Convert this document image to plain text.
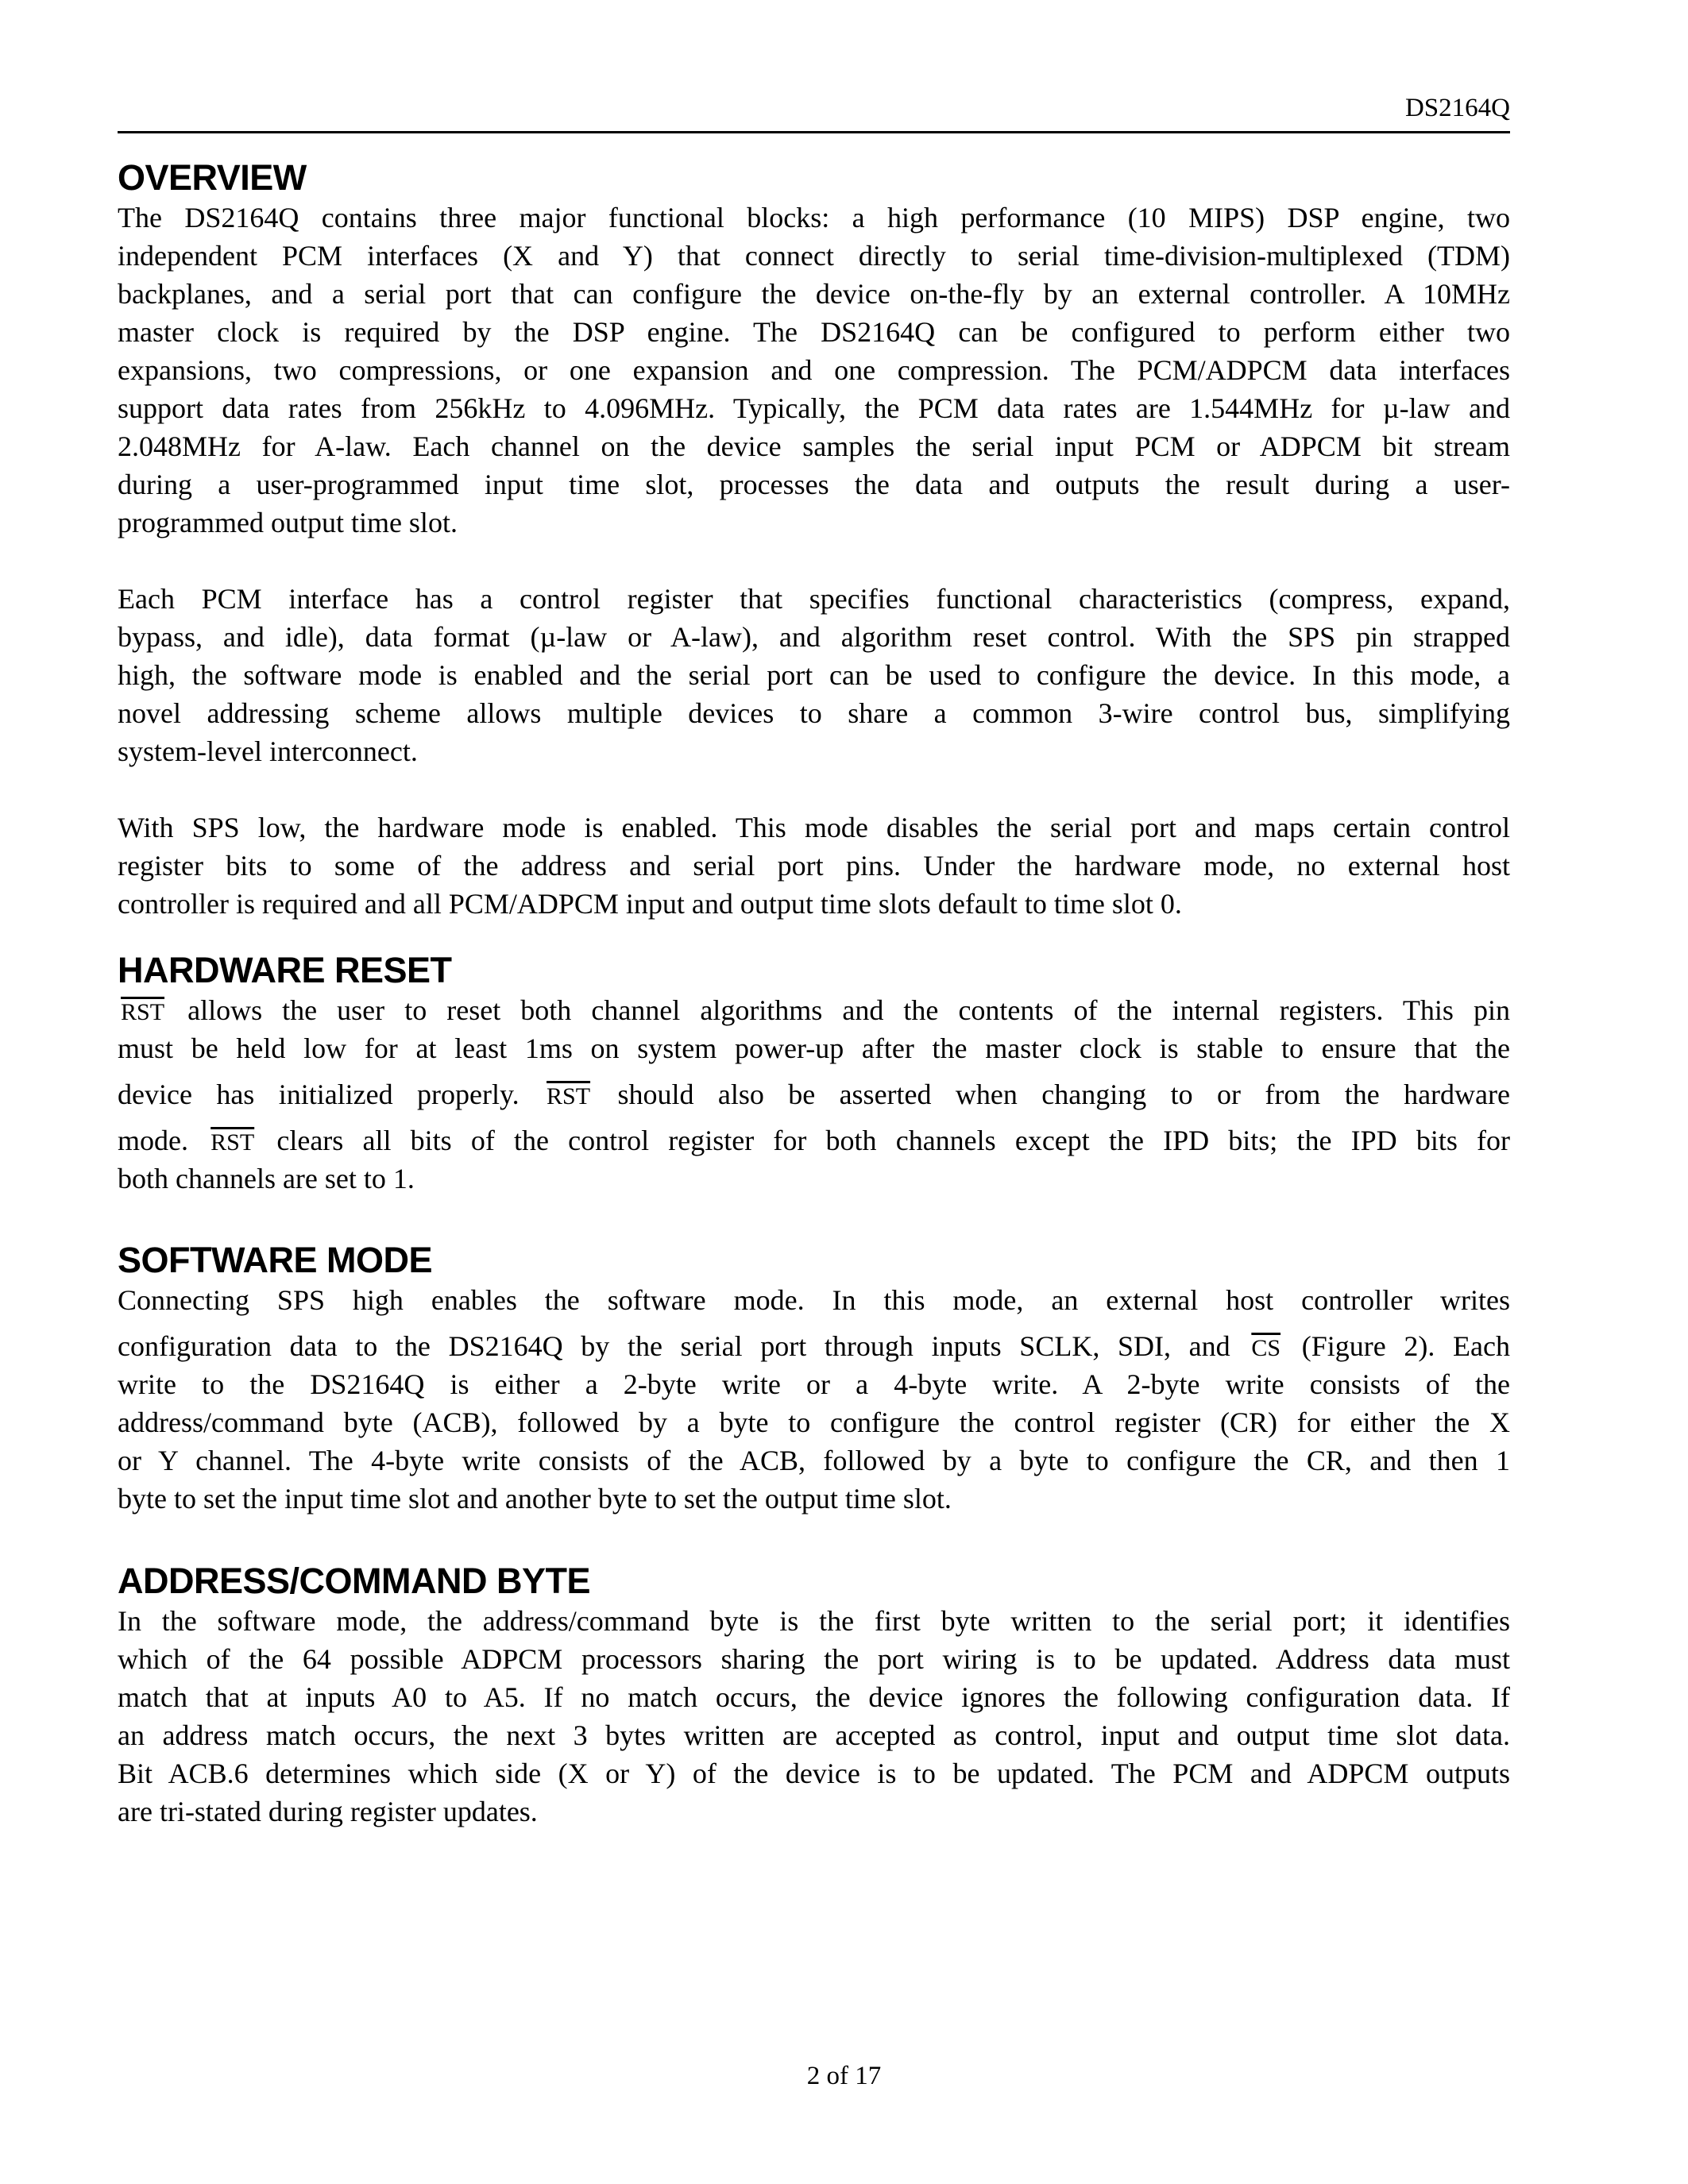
DS2164Q
OVERVIEW
The DS2164Q contains three major functional blocks: a high performance (10 MIPS) DSP engine, two
independent PCM interfaces (X and Y) that connect directly to serial time-division-multiplexed (TDM)
backplanes, and a serial port that can configure the device on-the-fly by an external controller. A 10MHz
master clock is required by the DSP engine. The DS2164Q can be configured to perform either two
expansions, two compressions, or one expansion and one compression. The PCM/ADPCM data interfaces
support data rates from 256kHz to 4.096MHz. Typically, the PCM data rates are 1.544MHz for µ-law and
2.048MHz for A-law. Each channel on the device samples the serial input PCM or ADPCM bit stream
during a user-programmed input time slot, processes the data and outputs the result during a user-
programmed output time slot.
Each PCM interface has a control register that specifies functional characteristics (compress, expand,
bypass, and idle), data format (µ-law or A-law), and algorithm reset control. With the SPS pin strapped
high, the software mode is enabled and the serial port can be used to configure the device. In this mode, a
novel addressing scheme allows multiple devices to share a common 3-wire control bus, simplifying
system-level interconnect.
With SPS low, the hardware mode is enabled. This mode disables the serial port and maps certain control
register bits to some of the address and serial port pins. Under the hardware mode, no external host
controller is required and all PCM/ADPCM input and output time slots default to time slot 0.
HARDWARE RESET
$\overline{RST}$ allows the user to reset both channel algorithms and the contents of the internal registers. This pin
must be held low for at least 1ms on system power-up after the master clock is stable to ensure that the
device has initialized properly. $\overline{RST}$ should also be asserted when changing to or from the hardware
mode. $\overline{RST}$ clears all bits of the control register for both channels except the IPD bits; the IPD bits for
both channels are set to 1.
SOFTWARE MODE
Connecting SPS high enables the software mode. In this mode, an external host controller writes
configuration data to the DS2164Q by the serial port through inputs SCLK, SDI, and $\overline{CS}$ (Figure 2). Each
write to the DS2164Q is either a 2-byte write or a 4-byte write. A 2-byte write consists of the
address/command byte (ACB), followed by a byte to configure the control register (CR) for either the X
or Y channel. The 4-byte write consists of the ACB, followed by a byte to configure the CR, and then 1
byte to set the input time slot and another byte to set the output time slot.
ADDRESS/COMMAND BYTE
In the software mode, the address/command byte is the first byte written to the serial port; it identifies
which of the 64 possible ADPCM processors sharing the port wiring is to be updated. Address data must
match that at inputs A0 to A5. If no match occurs, the device ignores the following configuration data. If
an address match occurs, the next 3 bytes written are accepted as control, input and output time slot data.
Bit ACB.6 determines which side (X or Y) of the device is to be updated. The PCM and ADPCM outputs
are tri-stated during register updates.
2 of 17
